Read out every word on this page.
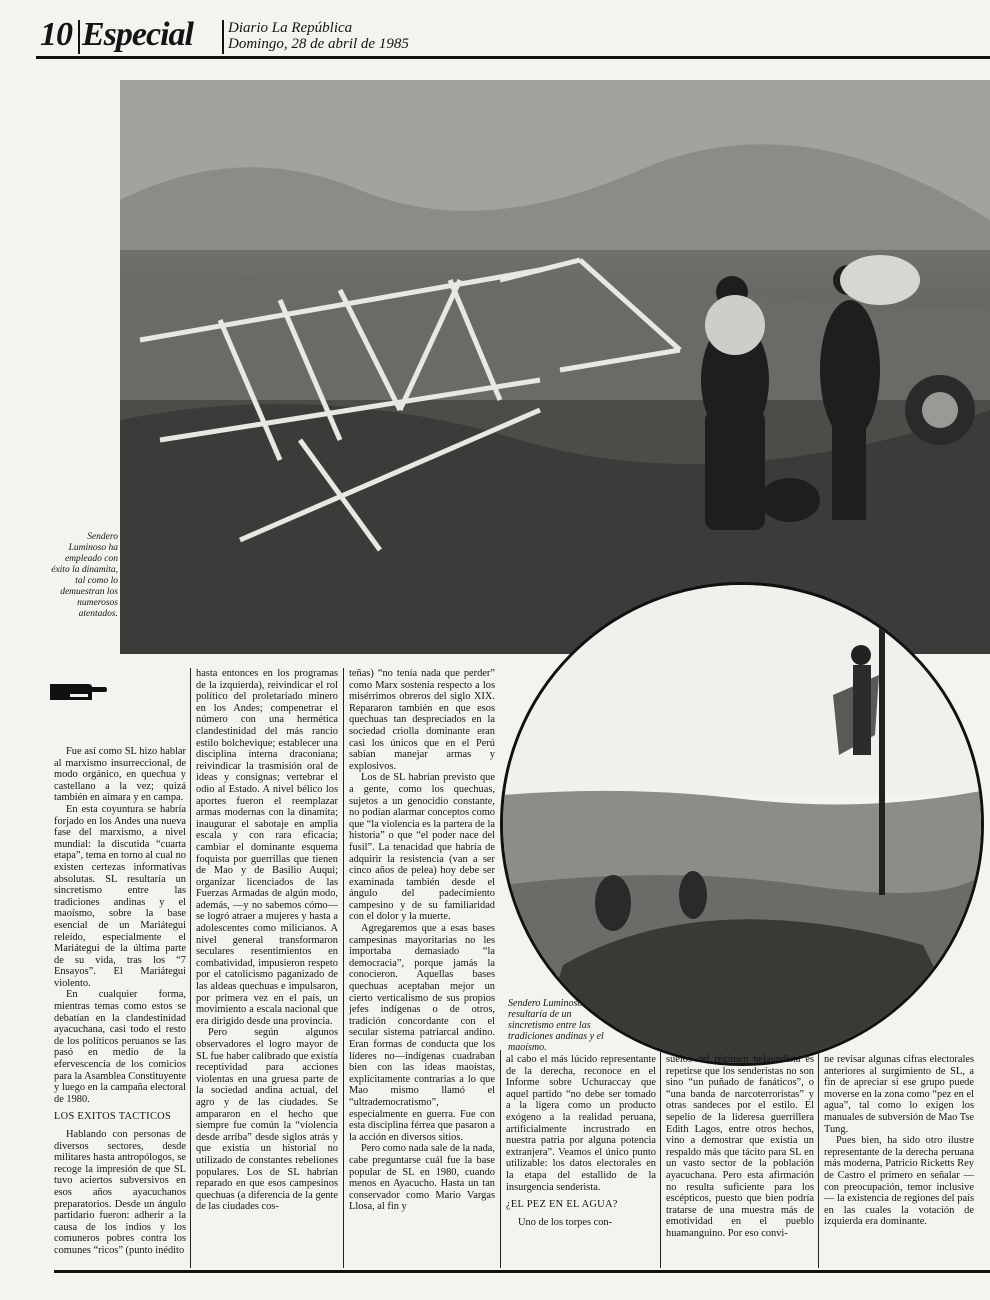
10 Especial Diario La República
Domingo, 28 de abril de 1985
Sendero Luminoso ha empleado con éxito la dinamita, tal como lo demuestran los numerosos atentados.
Sendero Luminoso resultaría de un sincretismo entre las tradiciones andinas y el maoísmo.

Fue así como SL hizo hablar al marxismo insurreccional, de modo orgánico, en quechua y castellano a la vez; quizá también en aimara y en campa.

En esta coyuntura se habría forjado en los Andes una nueva fase del marxismo, a nivel mundial: la discutida “cuarta etapa”, tema en torno al cual no existen certezas informativas absolutas. SL resultaría un sincretismo entre las tradiciones andinas y el maoísmo, sobre la base esencial de un Mariátegui releído, especialmente el Mariátegui de la última parte de su vida, tras los “7 Ensayos”. El Mariátegui violento.

En cualquier forma, mientras temas como estos se debatían en la clandestinidad ayacuchana, casi todo el resto de los políticos peruanos se las pasó en medio de la efervescencia de los comicios para la Asamblea Constituyente y luego en la campaña electoral de 1980.

LOS EXITOS TACTICOS

Hablando con personas de diversos sectores, desde militares hasta antropólogos, se recoge la impresión de que SL tuvo aciertos subversivos en esos años ayacuchanos preparatorios. Desde un ángulo partidario fueron: adherir a la causa de los indios y los comuneros pobres contra los comunes “ricos” (punto inédito

hasta entonces en los programas de la izquierda), reivindicar el rol político del proletariado minero en los Andes; compenetrar el número con una hermética clandestinidad del más rancio estilo bolchevique; establecer una disciplina interna draconiana; reivindicar la trasmisión oral de ideas y consignas; vertebrar el odio al Estado. A nivel bélico los aportes fueron el reemplazar armas modernas con la dinamita; inaugurar el sabotaje en amplia escala y con rara eficacia; cambiar el dominante esquema foquista por guerrillas que tienen de Mao y de Basilio Auqui; organizar licenciados de las Fuerzas Armadas de algún modo, además, —y no sabemos cómo— se logró atraer a mujeres y hasta a adolescentes como milicianos. A nivel general transformaron seculares resentimientos en combatividad, impusieron respeto por el catolicismo paganizado de las aldeas quechuas e impulsaron, por primera vez en el país, un movimiento a escala nacional que era dirigido desde una provincia.

Pero según algunos observadores el logro mayor de SL fue haber calibrado que existía receptividad para acciones violentas en una gruesa parte de la sociedad andina actual, del agro y de las ciudades. Se ampararon en el hecho que siempre fue común la “violencia desde arriba” desde siglos atrás y que existía un historial no utilizado de constantes rebeliones populares. Los de SL habrían reparado en que esos campesinos quechuas (a diferencia de la gente de las ciudades cos-

teñas) “no tenía nada que perder” como Marx sostenía respecto a los misérrimos obreros del siglo XIX. Repararon también en que esos quechuas tan despreciados en la sociedad criolla dominante eran casi los únicos que en el Perú sabían manejar armas y explosivos.

Los de SL habrían previsto que a gente, como los quechuas, sujetos a un genocidio constante, no podían alarmar conceptos como que “la violencia es la partera de la historia” o que “el poder nace del fusil”. La tenacidad que habría de adquirir la resistencia (van a ser cinco años de pelea) hoy debe ser examinada también desde el ángulo del padecimiento campesino y de su familiaridad con el dolor y la muerte.

Agregaremos que a esas bases campesinas mayoritarias no les importaba demasiado “la democracia”, porque jamás la conocieron. Aquellas bases quechuas aceptaban mejor un cierto verticalismo de sus propios jefes indígenas o de otros, tradición concordante con el secular sistema patriarcal andino. Eran formas de conducta que los líderes no—indígenas cuadraban bien con las ideas maoístas, explícitamente contrarias a lo que Mao mismo llamó el “ultrademocratismo”, especialmente en guerra. Fue con esta disciplina férrea que pasaron a la acción en diversos sitios.

Pero como nada sale de la nada, cabe preguntarse cuál fue la base popular de SL en 1980, cuando menos en Ayacucho. Hasta un tan conservador como Mario Vargas Llosa, al fin y

al cabo el más lúcido representante de la derecha, reconoce en el Informe sobre Uchuraccay que aquel partido “no debe ser tomado a la ligera como un producto exógeno a la realidad peruana, artificialmente incrustrado en nuestra patria por alguna potencia extranjera”. Veamos el único punto utilizable: los datos electorales en la etapa del estallido de la insurgencia senderista.

¿EL PEZ EN EL AGUA?

Uno de los torpes con-

suelos del régimen belaundista es repetirse que los senderistas no son sino “un puñado de fanáticos”, o “una banda de narcoterroristas” y otras sandeces por el estilo. El sepelio de la lideresa guerrillera Edith Lagos, entre otros hechos, vino a demostrar que existía un respaldo más que tácito para SL en un vasto sector de la población ayacuchana. Pero esta afirmación no resulta suficiente para los escépticos, puesto que bien podría tratarse de una muestra más de emotividad en el pueblo huamanguino. Por eso convi-

ne revisar algunas cifras electorales anteriores al surgimiento de SL, a fin de apreciar si ese grupo puede moverse en la zona como “pez en el agua”, tal como lo exigen los manuales de subversión de Mao Tse Tung.

Pues bien, ha sido otro ilustre representante de la derecha peruana más moderna, Patricio Ricketts Rey de Castro el primero en señalar —con preocupación, temor inclusive— la existencia de regiones del país en las cuales la votación de izquierda era dominante.
